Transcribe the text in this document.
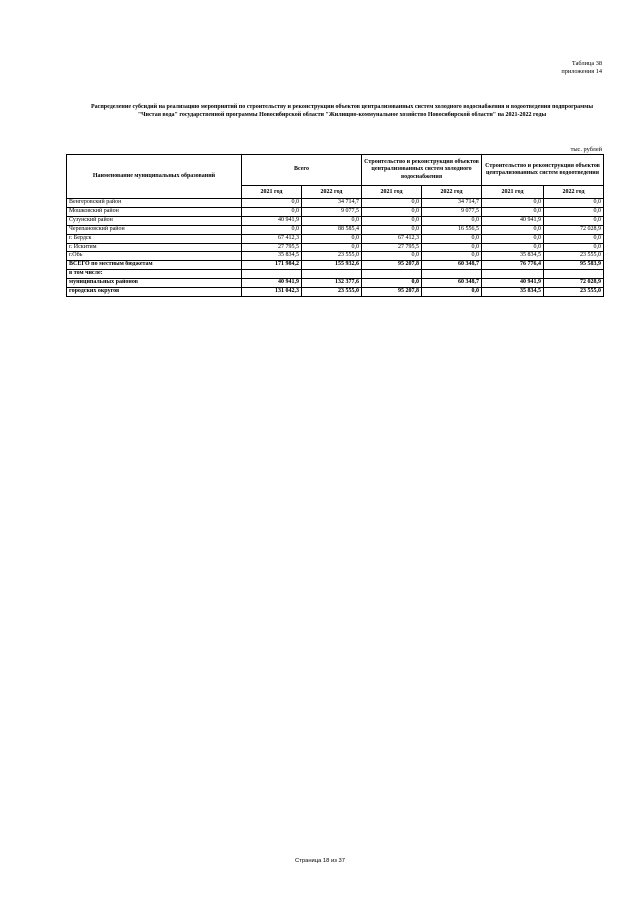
Таблица 38
приложения 14
Распределение субсидий на реализацию мероприятий по строительству и реконструкции объектов централизованных систем холодного водоснабжения и водоотведения подпрограммы "Чистая вода" государственной программы Новосибирской области "Жилищно-коммунальное хозяйство Новосибирской области" на 2021-2022 годы
тыс. рублей
Наименование муниципальных образований	Всего		Строительство и реконструкция объектов централизованных систем холодного водоснабжения		Строительство и реконструкция объектов централизованных систем водоотведения	
	2021 год	2022 год	2021 год	2022 год	2021 год	2022 год
Венгеровский район	0,0	34 714,7	0,0	34 714,7	0,0	0,0
Мошковский район	0,0	9 077,5	0,0	9 077,5	0,0	0,0
Сузунский район	40 941,9	0,0	0,0	0,0	40 941,9	0,0
Черепановский район	0,0	88 585,4	0,0	16 556,5	0,0	72 028,9
г. Бердск	67 412,3	0,0	67 412,3	0,0	0,0	0,0
г. Искитим	27 795,5	0,0	27 795,5	0,0	0,0	0,0
г.Обь	35 834,5	23 555,0	0,0	0,0	35 834,5	23 555,0
ВСЕГО по местным бюджетам	171 984,2	155 932,6	95 207,8	60 348,7	76 776,4	95 583,9
в том числе:						
муниципальных районов	40 941,9	132 377,6	0,0	60 348,7	40 941,9	72 028,9
городских округов	131 042,3	23 555,0	95 207,8	0,0	35 834,5	23 555,0
Страница 18 из 37
